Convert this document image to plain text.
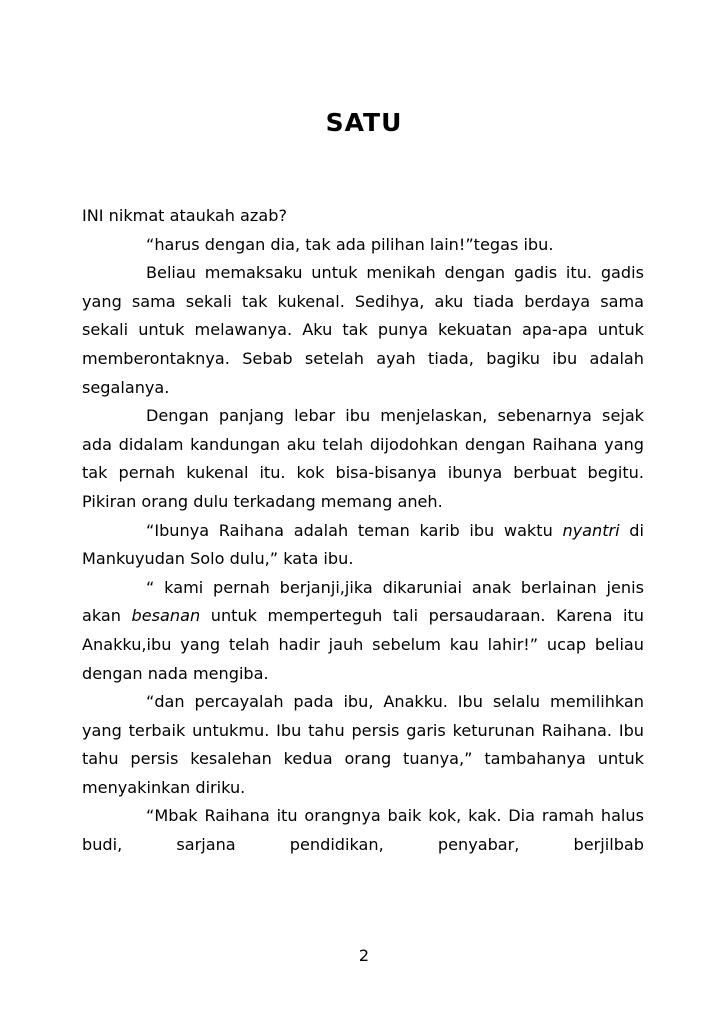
SATU

INI nikmat ataukah azab?

“harus dengan dia, tak ada pilihan lain!”tegas ibu.

Beliau memaksaku untuk menikah dengan gadis itu. gadis yang sama sekali tak kukenal. Sedihya, aku tiada berdaya sama sekali untuk melawanya. Aku tak punya kekuatan apa-apa untuk memberontaknya. Sebab setelah ayah tiada, bagiku ibu adalah segalanya.

Dengan panjang lebar ibu menjelaskan, sebenarnya sejak ada didalam kandungan aku telah dijodohkan dengan Raihana yang tak pernah kukenal itu. kok bisa-bisanya ibunya berbuat begitu. Pikiran orang dulu terkadang memang aneh.

“Ibunya Raihana adalah teman karib ibu waktu nyantri di Mankuyudan Solo dulu,” kata ibu.

“ kami pernah berjanji,jika dikaruniai anak berlainan jenis akan besanan untuk memperteguh tali persaudaraan. Karena itu Anakku,ibu yang telah hadir jauh sebelum kau lahir!” ucap beliau dengan nada mengiba.

“dan percayalah pada ibu, Anakku. Ibu selalu memilihkan yang terbaik untukmu. Ibu tahu persis garis keturunan Raihana. Ibu tahu persis kesalehan kedua orang tuanya,” tambahanya untuk menyakinkan diriku.

“Mbak Raihana itu orangnya baik kok, kak. Dia ramah halus budi, sarjana pendidikan, penyabar, berjilbab

2
